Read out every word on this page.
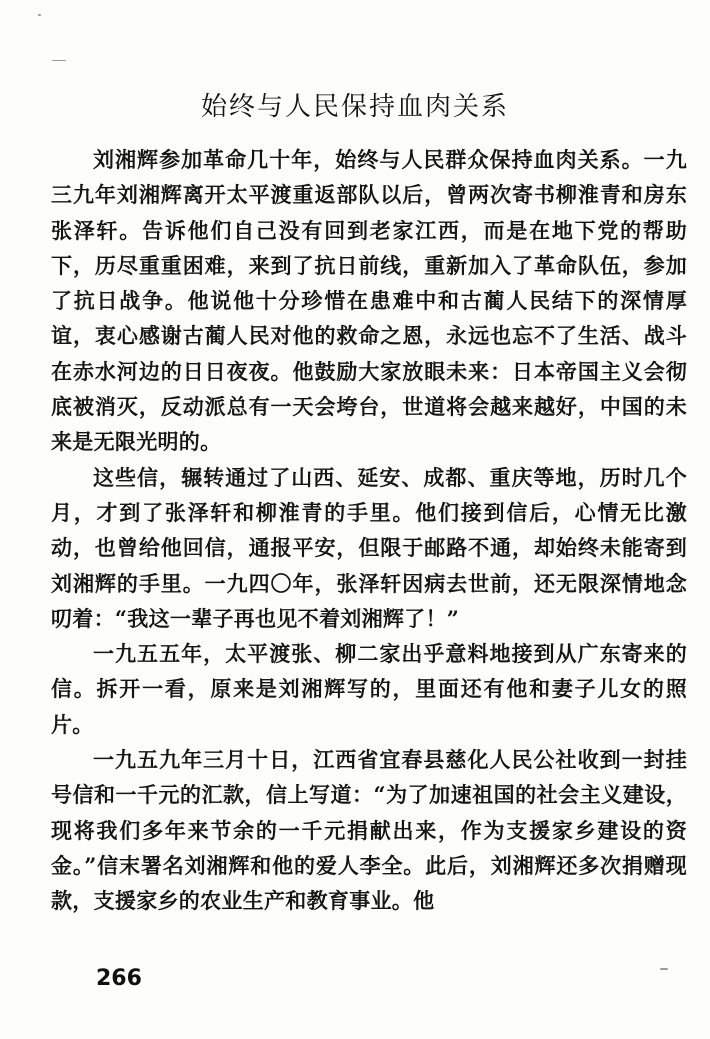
始终与人民保持血肉关系

刘湘辉参加革命几十年，始终与人民群众保持血肉关系。一九三九年刘湘辉离开太平渡重返部队以后，曾两次寄书柳淮青和房东张泽轩。告诉他们自己没有回到老家江西，而是在地下党的帮助下，历尽重重困难，来到了抗日前线，重新加入了革命队伍，参加了抗日战争。他说他十分珍惜在患难中和古蔺人民结下的深情厚谊，衷心感谢古蔺人民对他的救命之恩，永远也忘不了生活、战斗在赤水河边的日日夜夜。他鼓励大家放眼未来：日本帝国主义会彻底被消灭，反动派总有一天会垮台，世道将会越来越好，中国的未来是无限光明的。

这些信，辗转通过了山西、延安、成都、重庆等地，历时几个月，才到了张泽轩和柳淮青的手里。他们接到信后，心情无比激动，也曾给他回信，通报平安，但限于邮路不通，却始终未能寄到刘湘辉的手里。一九四〇年，张泽轩因病去世前，还无限深情地念叨着：“我这一辈子再也见不着刘湘辉了！”

一九五五年，太平渡张、柳二家出乎意料地接到从广东寄来的信。拆开一看，原来是刘湘辉写的，里面还有他和妻子儿女的照片。

一九五九年三月十日，江西省宜春县慈化人民公社收到一封挂号信和一千元的汇款，信上写道：“为了加速祖国的社会主义建设，现将我们多年来节余的一千元捐献出来，作为支援家乡建设的资金。”信末署名刘湘辉和他的爱人李全。此后，刘湘辉还多次捐赠现款，支援家乡的农业生产和教育事业。他

266
